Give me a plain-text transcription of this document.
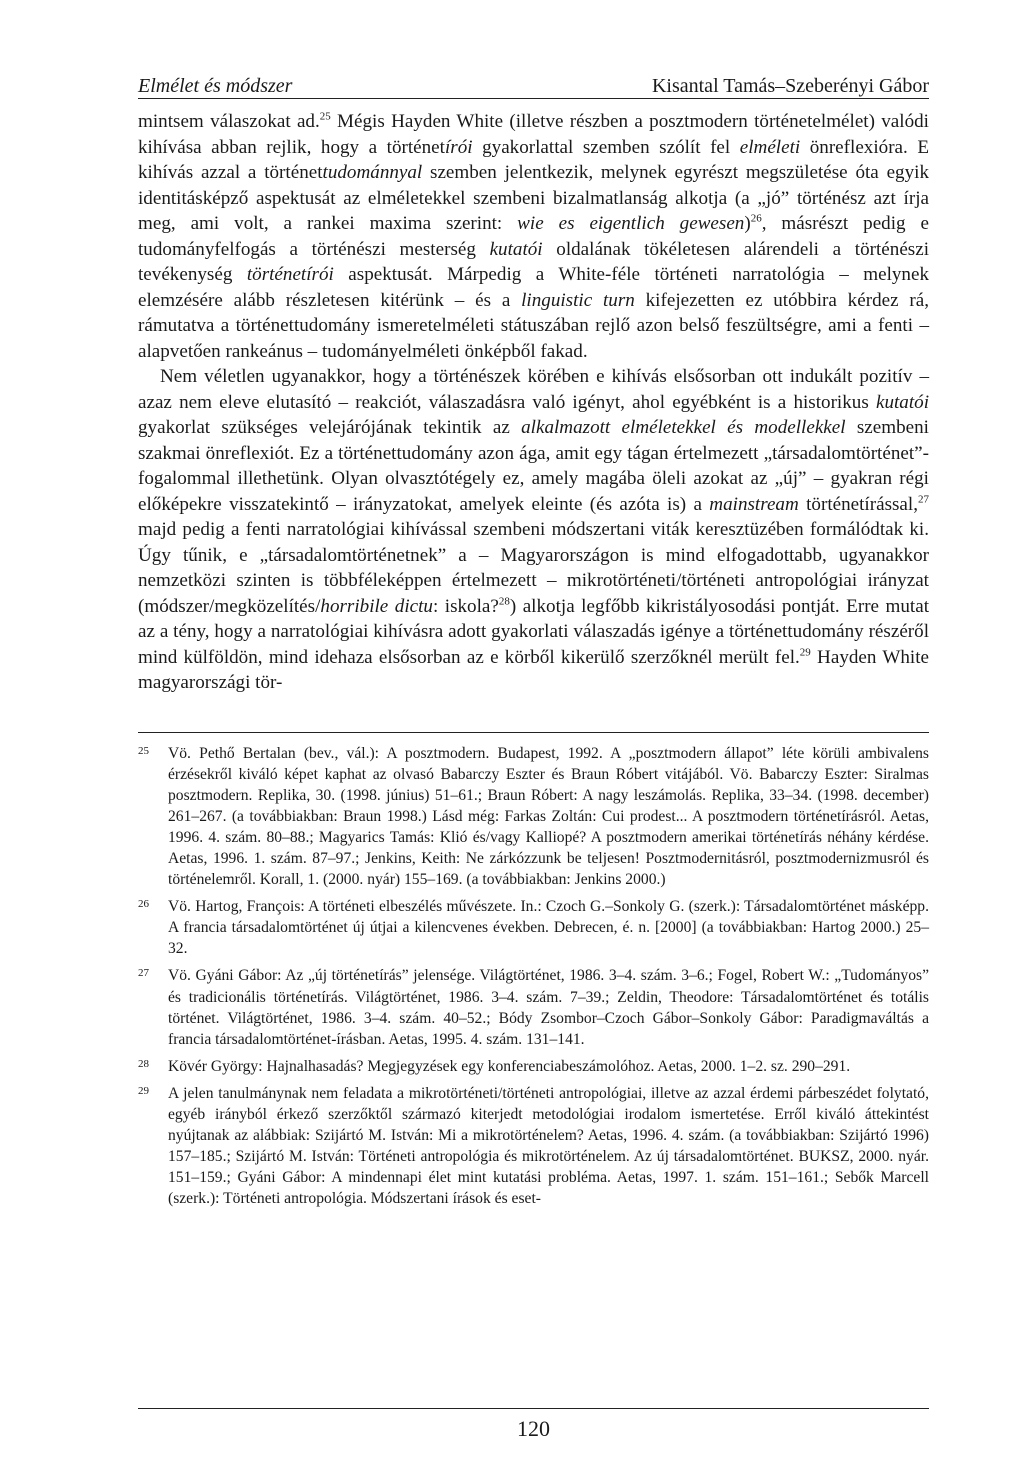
Elmélet és módszer	Kisantal Tamás–Szeberényi Gábor

mintsem válaszokat ad.$^{25}$ Mégis Hayden White (illetve részben a posztmodern történetelmélet) valódi kihívása abban rejlik, hogy a történetírói gyakorlattal szemben szólít fel elméleti önreflexióra. E kihívás azzal a történettudománnyal szemben jelentkezik, melynek egyrészt megszületése óta egyik identitásképző aspektusát az elméletekkel szembeni bizalmatlanság alkotja (a „jó” történész azt írja meg, ami volt, a rankei maxima szerint: wie es eigentlich gewesen)$^{26}$, másrészt pedig e tudományfelfogás a történészi mesterség kutatói oldalának tökéletesen alárendeli a történészi tevékenység történetírói aspektusát. Márpedig a White-féle történeti narratológia – melynek elemzésére alább részletesen kitérünk – és a linguistic turn kifejezetten ez utóbbira kérdez rá, rámutatva a történettudomány ismeretelméleti státuszában rejlő azon belső feszültségre, ami a fenti – alapvetően rankeánus – tudományelméleti önképből fakad.

Nem véletlen ugyanakkor, hogy a történészek körében e kihívás elsősorban ott indukált pozitív – azaz nem eleve elutasító – reakciót, válaszadásra való igényt, ahol egyébként is a historikus kutatói gyakorlat szükséges velejárójának tekintik az alkalmazott elméletekkel és modellekkel szembeni szakmai önreflexiót. Ez a történettudomány azon ága, amit egy tágan értelmezett „társadalomtörténet”-fogalommal illethetünk. Olyan olvasztótégely ez, amely magába öleli azokat az „új” – gyakran régi előképekre visszatekintő – irányzatokat, amelyek eleinte (és azóta is) a mainstream történetírással,$^{27}$ majd pedig a fenti narratológiai kihívással szembeni módszertani viták keresztüzében formálódtak ki. Úgy tűnik, e „társadalomtörténetnek” a – Magyarországon is mind elfogadottabb, ugyanakkor nemzetközi szinten is többféleképpen értelmezett – mikrotörténeti/történeti antropológiai irányzat (módszer/megközelítés/horribile dictu: iskola?$^{28}$) alkotja legfőbb kikristályosodási pontját. Erre mutat az a tény, hogy a narratológiai kihívásra adott gyakorlati válaszadás igénye a történettudomány részéről mind külföldön, mind idehaza elsősorban az e körből kikerülő szerzőknél merült fel.$^{29}$ Hayden White magyarországi tör-

25	Vö. Pethő Bertalan (bev., vál.): A posztmodern. Budapest, 1992. A „posztmodern állapot” léte körüli ambivalens érzésekről kiváló képet kaphat az olvasó Babarczy Eszter és Braun Róbert vitájából. Vö. Babarczy Eszter: Siralmas posztmodern. Replika, 30. (1998. június) 51–61.; Braun Róbert: A nagy leszámolás. Replika, 33–34. (1998. december) 261–267. (a továbbiakban: Braun 1998.) Lásd még: Farkas Zoltán: Cui prodest... A posztmodern történetírásról. Aetas, 1996. 4. szám. 80–88.; Magyarics Tamás: Klió és/vagy Kalliopé? A posztmodern amerikai történetírás néhány kérdése. Aetas, 1996. 1. szám. 87–97.; Jenkins, Keith: Ne zárkózzunk be teljesen! Posztmodernitásról, posztmodernizmusról és történelemről. Korall, 1. (2000. nyár) 155–169. (a továbbiakban: Jenkins 2000.)
26	Vö. Hartog, François: A történeti elbeszélés művészete. In.: Czoch G.–Sonkoly G. (szerk.): Társadalomtörténet másképp. A francia társadalomtörténet új útjai a kilencvenes években. Debrecen, é. n. [2000] (a továbbiakban: Hartog 2000.) 25–32.
27	Vö. Gyáni Gábor: Az „új történetírás” jelensége. Világtörténet, 1986. 3–4. szám. 3–6.; Fogel, Robert W.: „Tudományos” és tradicionális történetírás. Világtörténet, 1986. 3–4. szám. 7–39.; Zeldin, Theodore: Társadalomtörténet és totális történet. Világtörténet, 1986. 3–4. szám. 40–52.; Bódy Zsombor–Czoch Gábor–Sonkoly Gábor: Paradigmaváltás a francia társadalomtörténet-írásban. Aetas, 1995. 4. szám. 131–141.
28	Kövér György: Hajnalhasadás? Megjegyzések egy konferenciabeszámolóhoz. Aetas, 2000. 1–2. sz. 290–291.
29	A jelen tanulmánynak nem feladata a mikrotörténeti/történeti antropológiai, illetve az azzal érdemi párbeszédet folytató, egyéb irányból érkező szerzőktől származó kiterjedt metodológiai irodalom ismertetése. Erről kiváló áttekintést nyújtanak az alábbiak: Szijártó M. István: Mi a mikrotörténelem? Aetas, 1996. 4. szám. (a továbbiakban: Szijártó 1996) 157–185.; Szijártó M. István: Történeti antropológia és mikrotörténelem. Az új társadalomtörténet. BUKSZ, 2000. nyár. 151–159.; Gyáni Gábor: A mindennapi élet mint kutatási probléma. Aetas, 1997. 1. szám. 151–161.; Sebők Marcell (szerk.): Történeti antropológia. Módszertani írások és eset-
120
